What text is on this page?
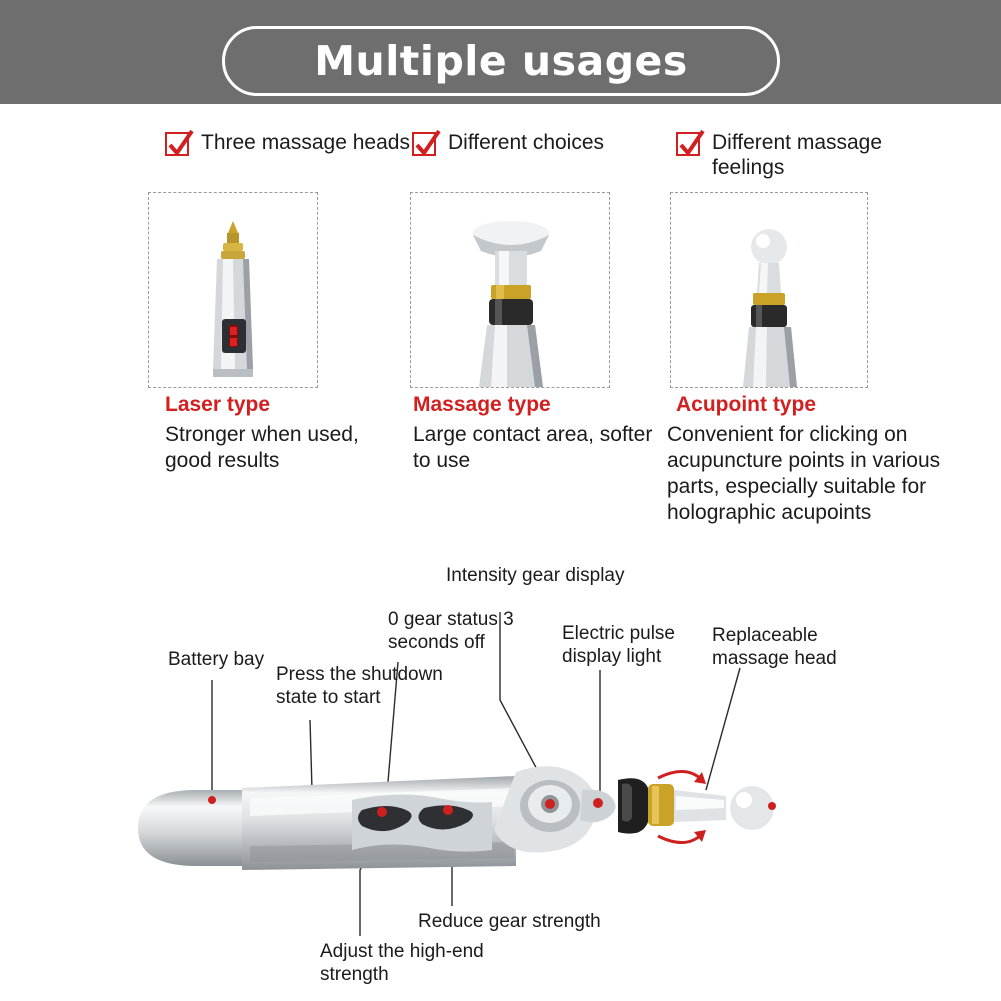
Multiple usages
Three massage heads
Laser type
Stronger when used, good results
Different choices
Massage type
Large contact area, softer to use
Different massage feelings
Acupoint type
Convenient for clicking on acupuncture points in various parts, especially suitable for holographic acupoints
Battery bay
Press the shutdown state to start
0 gear status 3 seconds off
Intensity gear display
Electric pulse display light
Replaceable massage head
Reduce gear strength
Adjust the high-end strength
